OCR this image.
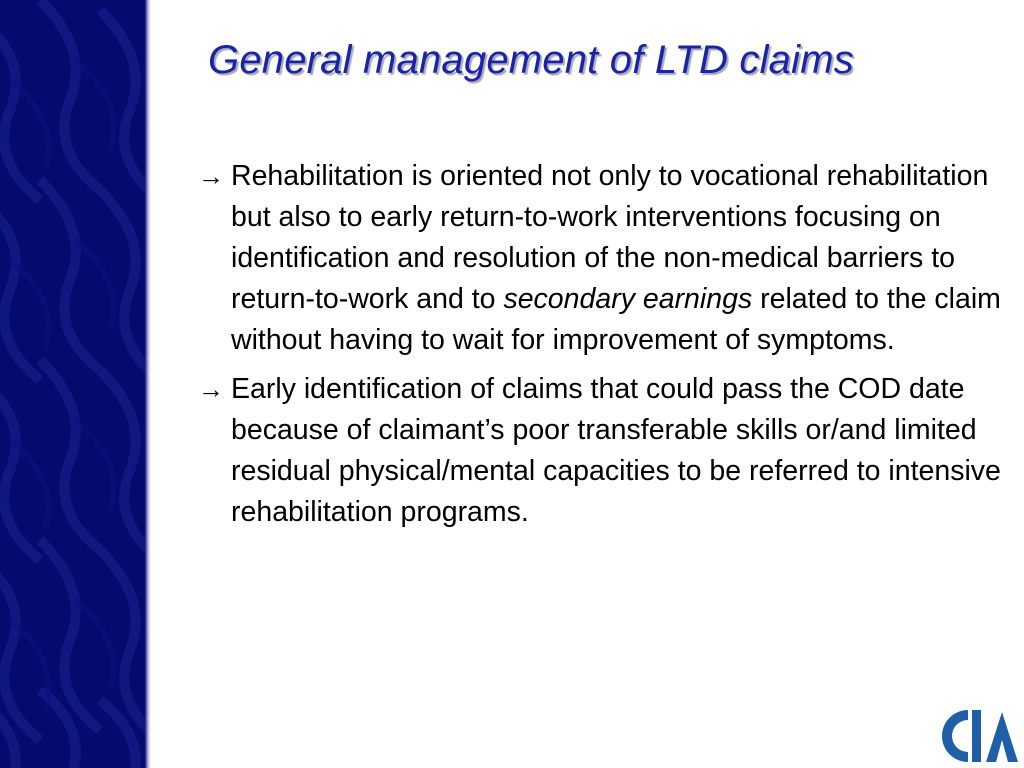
General management of LTD claims
→ Rehabilitation is oriented not only to vocational rehabilitation but also to early return-to-work interventions focusing on identification and resolution of the non-medical barriers to return-to-work and to secondary earnings related to the claim without having to wait for improvement of symptoms.
→ Early identification of claims that could pass the COD date because of claimant’s poor transferable skills or/and limited residual physical/mental capacities to be referred to intensive rehabilitation programs.
